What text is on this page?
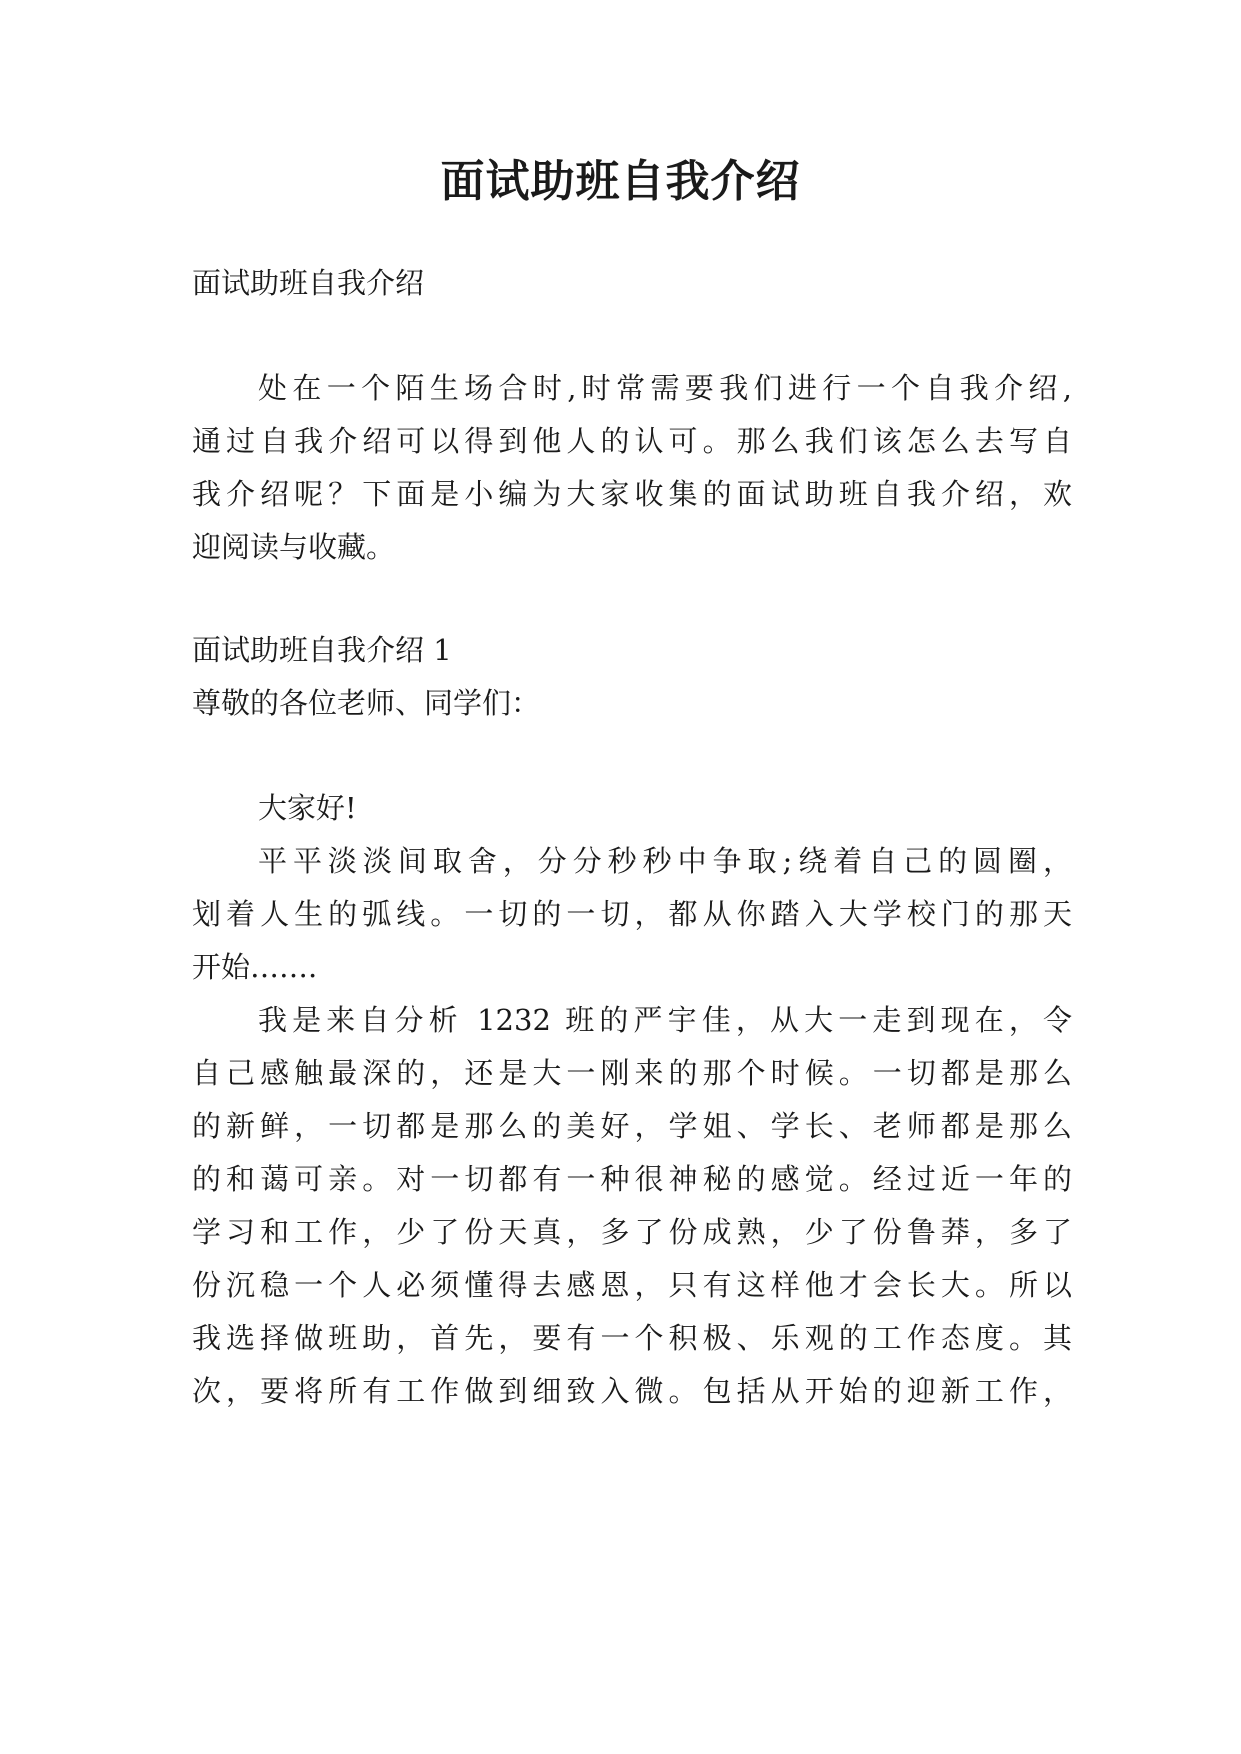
面试助班自我介绍

面试助班自我介绍

处在一个陌生场合时,时常需要我们进行一个自我介绍,

通过自我介绍可以得到他人的认可。那么我们该怎么去写自

我介绍呢？下面是小编为大家收集的面试助班自我介绍，欢

迎阅读与收藏。

面试助班自我介绍 1

尊敬的各位老师、同学们：

大家好!

平平淡淡间取舍，分分秒秒中争取;绕着自己的圆圈，

划着人生的弧线。一切的一切，都从你踏入大学校门的那天

开始…….

我是来自分析 1232 班的严宇佳，从大一走到现在，令

自己感触最深的，还是大一刚来的那个时候。一切都是那么

的新鲜，一切都是那么的美好，学姐、学长、老师都是那么

的和蔼可亲。对一切都有一种很神秘的感觉。经过近一年的

学习和工作，少了份天真，多了份成熟，少了份鲁莽，多了

份沉稳一个人必须懂得去感恩，只有这样他才会长大。所以

我选择做班助，首先，要有一个积极、乐观的工作态度。其

次，要将所有工作做到细致入微。包括从开始的迎新工作，
